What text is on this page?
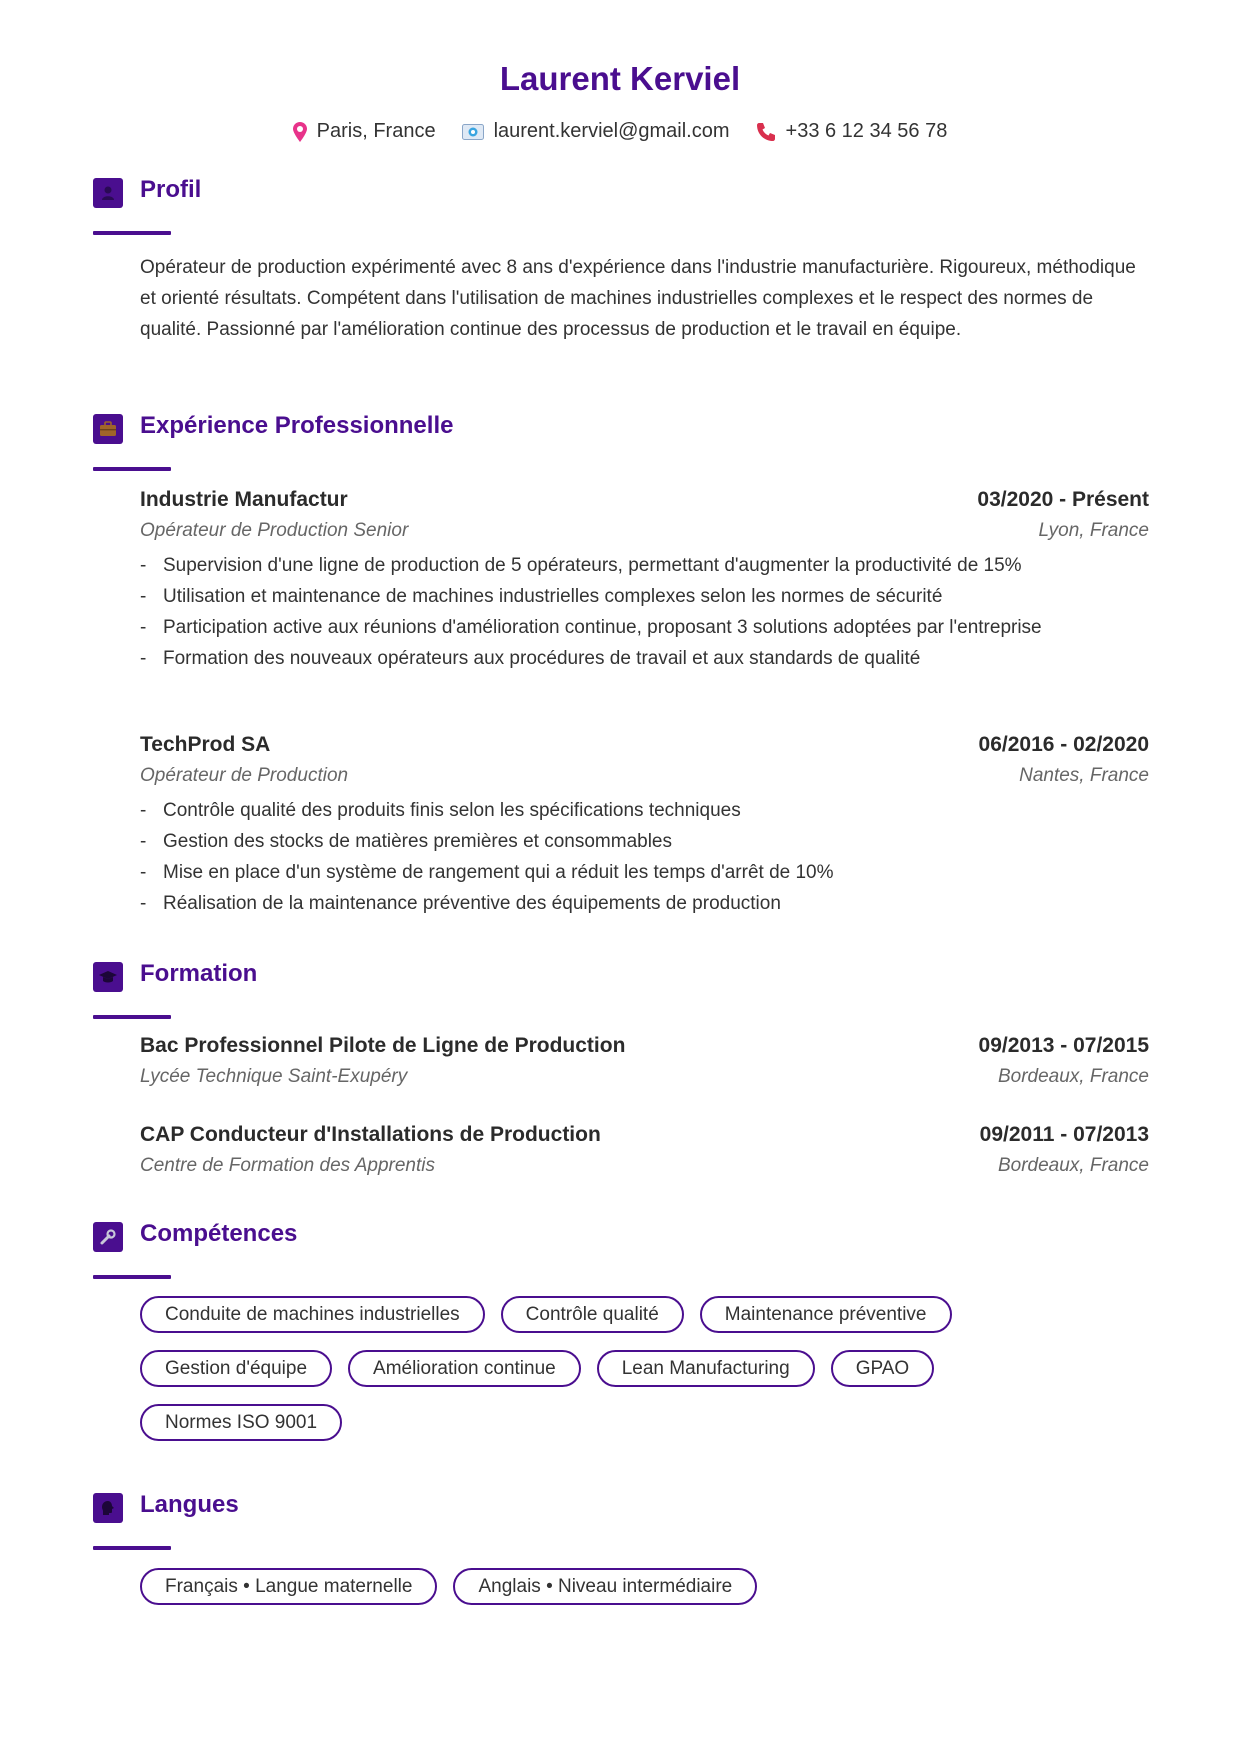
Laurent Kerviel
Paris, France	laurent.kerviel@gmail.com	+33 6 12 34 56 78
Profil

Opérateur de production expérimenté avec 8 ans d'expérience dans l'industrie manufacturière. Rigoureux, méthodique et orienté résultats. Compétent dans l'utilisation de machines industrielles complexes et le respect des normes de qualité. Passionné par l'amélioration continue des processus de production et le travail en équipe.

Expérience Professionnelle
Industrie Manufactur	03/2020 - Présent
Opérateur de Production Senior	Lyon, France
- Supervision d'une ligne de production de 5 opérateurs, permettant d'augmenter la productivité de 15%
- Utilisation et maintenance de machines industrielles complexes selon les normes de sécurité
- Participation active aux réunions d'amélioration continue, proposant 3 solutions adoptées par l'entreprise
- Formation des nouveaux opérateurs aux procédures de travail et aux standards de qualité
TechProd SA	06/2016 - 02/2020
Opérateur de Production	Nantes, France
- Contrôle qualité des produits finis selon les spécifications techniques
- Gestion des stocks de matières premières et consommables
- Mise en place d'un système de rangement qui a réduit les temps d'arrêt de 10%
- Réalisation de la maintenance préventive des équipements de production
Formation
Bac Professionnel Pilote de Ligne de Production	09/2013 - 07/2015
Lycée Technique Saint-Exupéry	Bordeaux, France
CAP Conducteur d'Installations de Production	09/2011 - 07/2013
Centre de Formation des Apprentis	Bordeaux, France
Compétences
Conduite de machines industrielles	Contrôle qualité	Maintenance préventive
Gestion d'équipe	Amélioration continue	Lean Manufacturing	GPAO
Normes ISO 9001
Langues
Français • Langue maternelle	Anglais • Niveau intermédiaire
